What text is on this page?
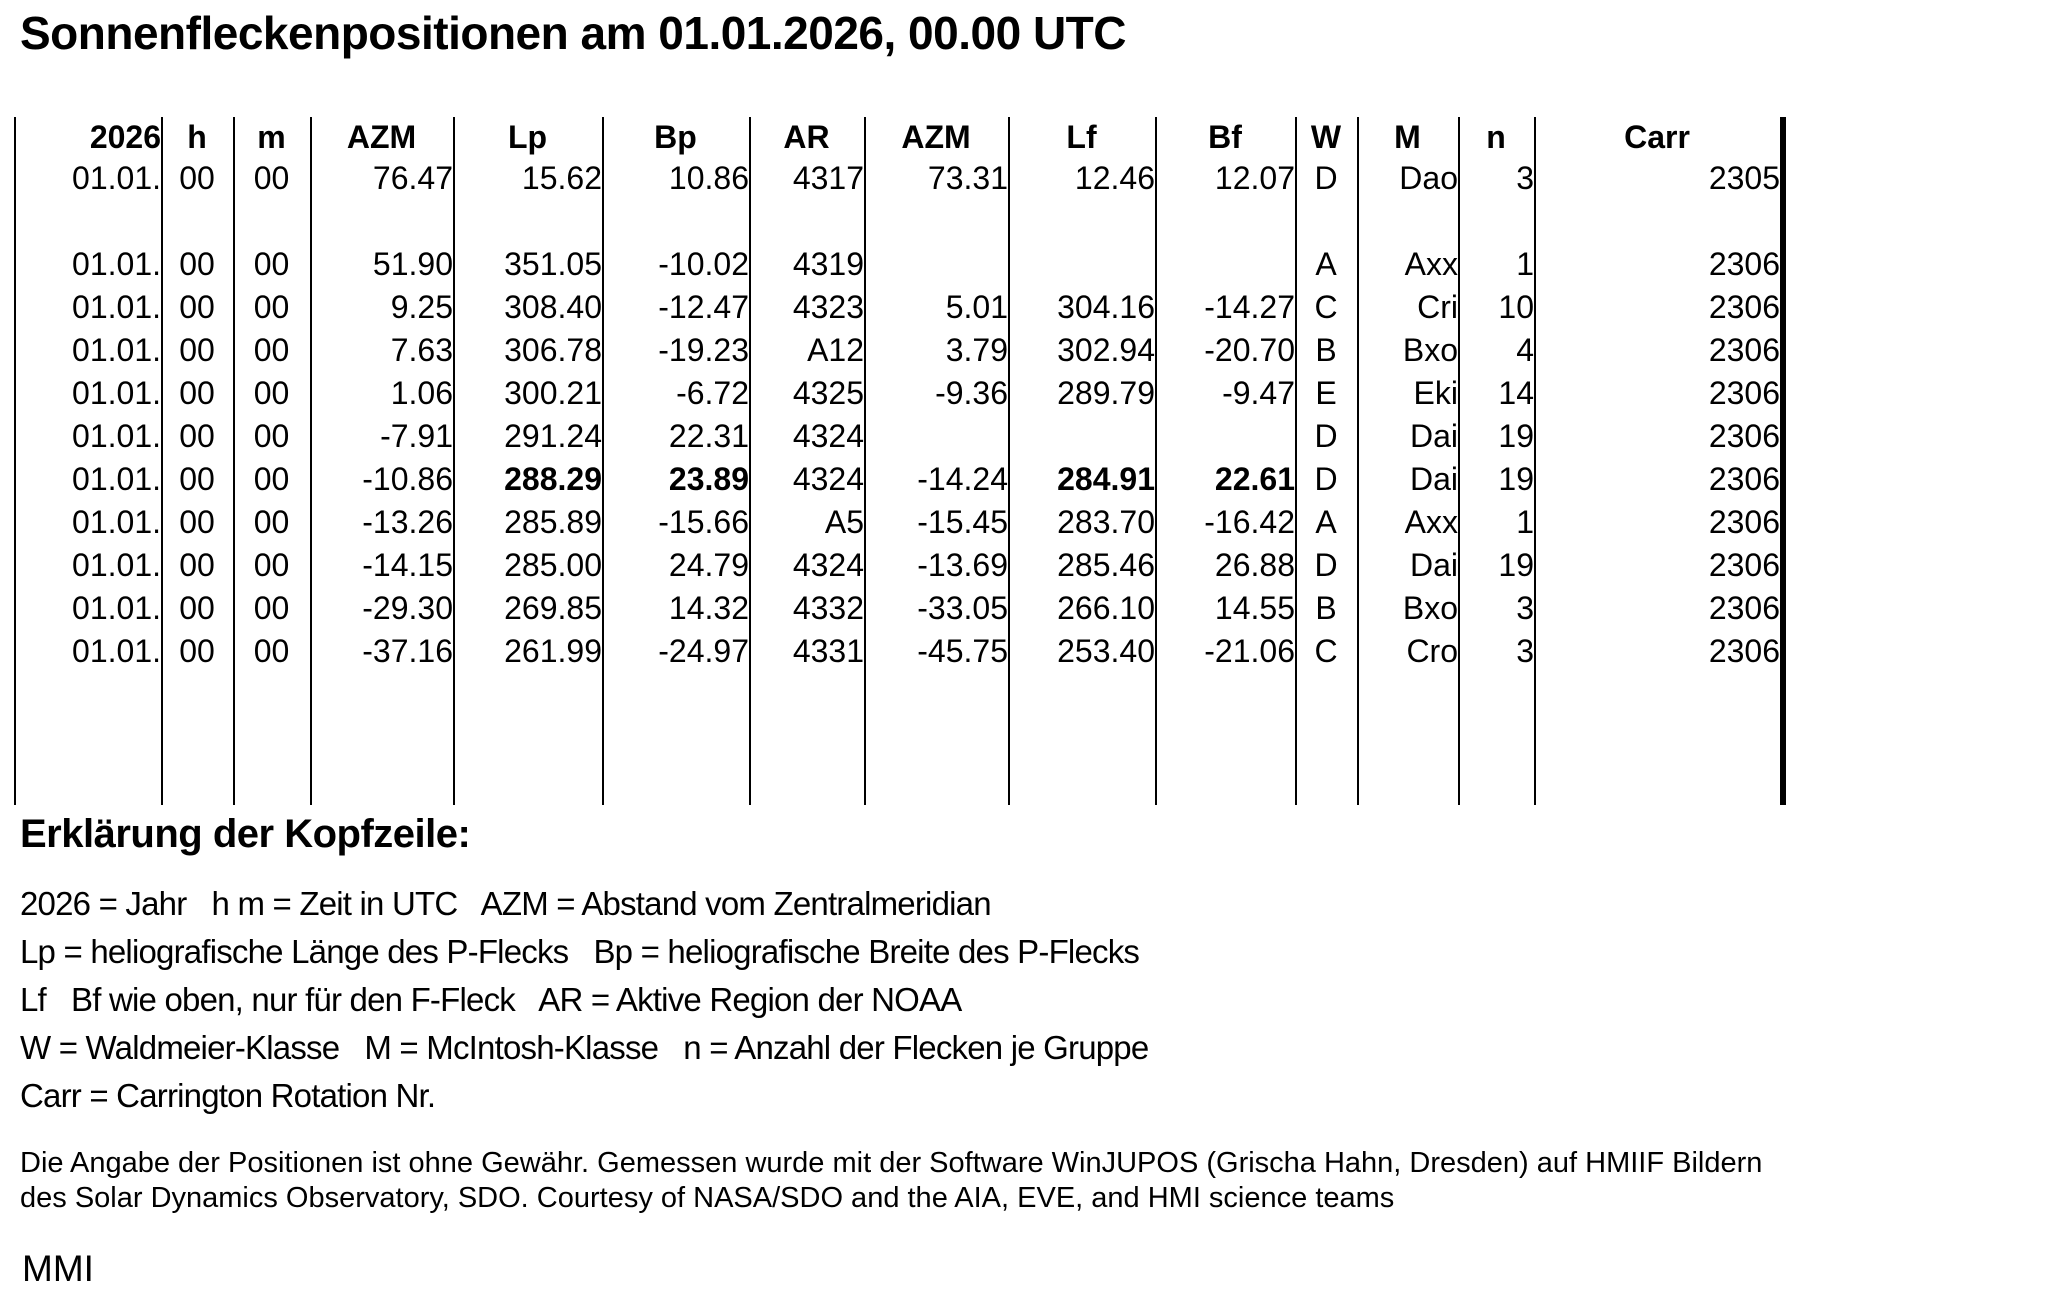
Sonnenfleckenpositionen am 01.01.2026, 00.00 UTC
2026	h	m	AZM	Lp	Bp	AR	AZM	Lf	Bf	W	M	n	Carr
01.01.	00	00	76.47	15.62	10.86	4317	73.31	12.46	12.07	D	Dao	3	2305

01.01.	00	00	51.90	351.05	-10.02	4319				A	Axx	1	2306
01.01.	00	00	9.25	308.40	-12.47	4323	5.01	304.16	-14.27	C	Cri	10	2306
01.01.	00	00	7.63	306.78	-19.23	A12	3.79	302.94	-20.70	B	Bxo	4	2306
01.01.	00	00	1.06	300.21	-6.72	4325	-9.36	289.79	-9.47	E	Eki	14	2306
01.01.	00	00	-7.91	291.24	22.31	4324				D	Dai	19	2306
01.01.	00	00	-10.86	288.29	23.89	4324	-14.24	284.91	22.61	D	Dai	19	2306
01.01.	00	00	-13.26	285.89	-15.66	A5	-15.45	283.70	-16.42	A	Axx	1	2306
01.01.	00	00	-14.15	285.00	24.79	4324	-13.69	285.46	26.88	D	Dai	19	2306
01.01.	00	00	-29.30	269.85	14.32	4332	-33.05	266.10	14.55	B	Bxo	3	2306
01.01.	00	00	-37.16	261.99	-24.97	4331	-45.75	253.40	-21.06	C	Cro	3	2306
Erklärung der Kopfzeile:
2026 = Jahr   h m = Zeit in UTC   AZM = Abstand vom Zentralmeridian
Lp = heliografische Länge des P-Flecks   Bp = heliografische Breite des P-Flecks
Lf   Bf wie oben, nur für den F-Fleck   AR = Aktive Region der NOAA
W = Waldmeier-Klasse   M = McIntosh-Klasse   n = Anzahl der Flecken je Gruppe
Carr = Carrington Rotation Nr.
Die Angabe der Positionen ist ohne Gewähr. Gemessen wurde mit der Software WinJUPOS (Grischa Hahn, Dresden) auf HMIIF Bildern
des Solar Dynamics Observatory, SDO. Courtesy of NASA/SDO and the AIA, EVE, and HMI science teams
MMI
